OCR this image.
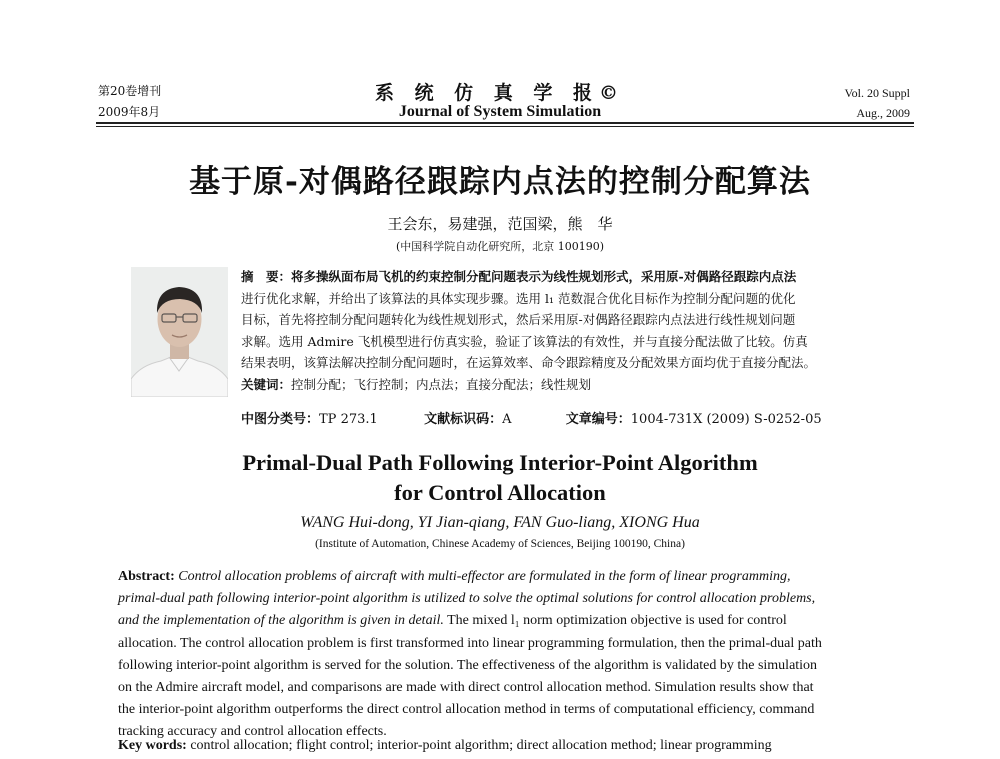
第20卷增刊
2009年8月
系 统 仿 真 学 报©
Journal of System Simulation
Vol. 20 Suppl
Aug., 2009
基于原-对偶路径跟踪内点法的控制分配算法
王会东，易建强，范国梁，熊　华
(中国科学院自动化研究所，北京 100190)
摘　要：将多操纵面布局飞机的约束控制分配问题表示为线性规划形式，采用原-对偶路径跟踪内点法
进行优化求解，并给出了该算法的具体实现步骤。选用 l₁ 范数混合优化目标作为控制分配问题的优化
目标，首先将控制分配问题转化为线性规划形式，然后采用原-对偶路径跟踪内点法进行线性规划问题
求解。选用 Admire 飞机模型进行仿真实验，验证了该算法的有效性，并与直接分配法做了比较。仿真
结果表明，该算法解决控制分配问题时，在运算效率、命令跟踪精度及分配效果方面均优于直接分配法。
关键词：控制分配；飞行控制；内点法；直接分配法；线性规划
中图分类号：TP 273.1	文献标识码：A	文章编号：1004-731X (2009) S-0252-05
Primal-Dual Path Following Interior-Point Algorithm
for Control Allocation
WANG Hui-dong, YI Jian-qiang, FAN Guo-liang, XIONG Hua
(Institute of Automation, Chinese Academy of Sciences, Beijing 100190, China)
Abstract: Control allocation problems of aircraft with multi-effector are formulated in the form of linear programming,
primal-dual path following interior-point algorithm is utilized to solve the optimal solutions for control allocation problems,
and the implementation of the algorithm is given in detail. The mixed l₁ norm optimization objective is used for control
allocation. The control allocation problem is first transformed into linear programming formulation, then the primal-dual path
following interior-point algorithm is served for the solution. The effectiveness of the algorithm is validated by the simulation
on the Admire aircraft model, and comparisons are made with direct control allocation method. Simulation results show that
the interior-point algorithm outperforms the direct control allocation method in terms of computational efficiency, command
tracking accuracy and control allocation effects.
Key words: control allocation; flight control; interior-point algorithm; direct allocation method; linear programming
